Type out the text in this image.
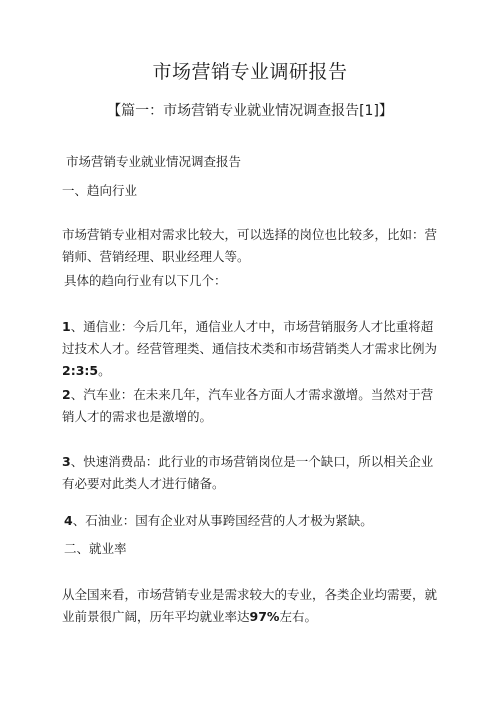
市场营销专业调研报告
【篇一：市场营销专业就业情况调查报告[1]】
市场营销专业就业情况调查报告
一、趋向行业
市场营销专业相对需求比较大，可以选择的岗位也比较多，比如：营销师、营销经理、职业经理人等。
具体的趋向行业有以下几个：
1、通信业：今后几年，通信业人才中，市场营销服务人才比重将超过技术人才。经营管理类、通信技术类和市场营销类人才需求比例为2:3:5。
2、汽车业：在未来几年，汽车业各方面人才需求激增。当然对于营销人才的需求也是激增的。
3、快速消费品：此行业的市场营销岗位是一个缺口，所以相关企业有必要对此类人才进行储备。
4、石油业：国有企业对从事跨国经营的人才极为紧缺。
二、就业率
从全国来看，市场营销专业是需求较大的专业，各类企业均需要，就业前景很广阔，历年平均就业率达97%左右。
